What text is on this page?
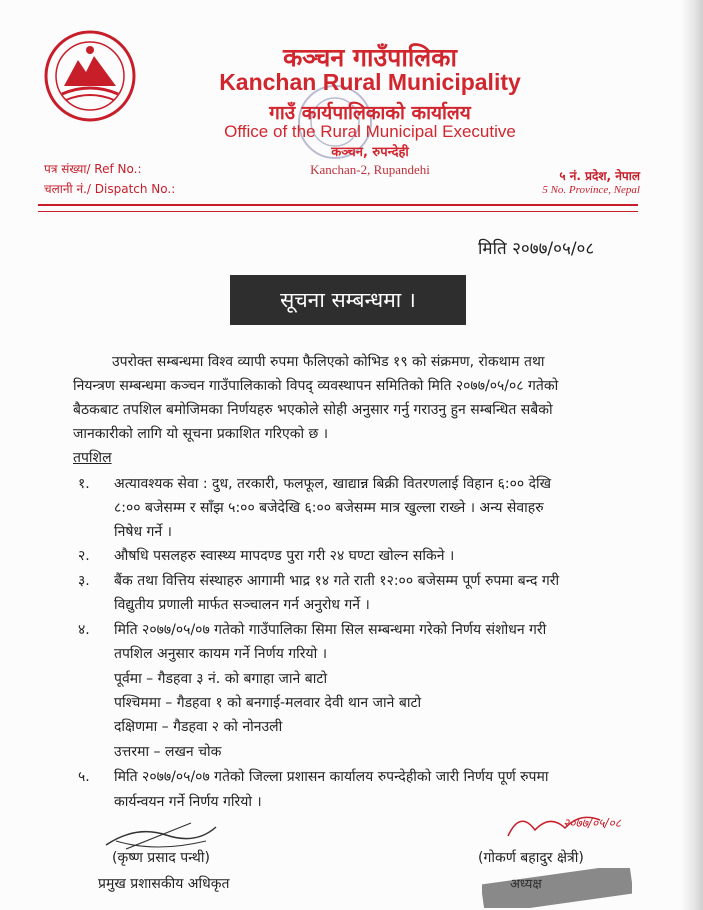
कञ्चन गाउँपालिका
Kanchan Rural Municipality
गाउँ कार्यपालिकाको कार्यालय
Office of the Rural Municipal Executive
कञ्चन, रुपन्देही
Kanchan-2, Rupandehi
पत्र संख्या/ Ref No.:
चलानी नं./ Dispatch No.:
५ नं. प्रदेश, नेपाल
5 No. Province, Nepal
मिति २०७७/०५/०८
सूचना सम्बन्धमा ।
उपरोक्त सम्बन्धमा विश्व व्यापी रुपमा फैलिएको कोभिड १९ को संक्रमण, रोकथाम तथा
नियन्त्रण सम्बन्धमा कञ्चन गाउँपालिकाको विपद् व्यवस्थापन समितिको मिति २०७७/०५/०८ गतेको
बैठकबाट तपशिल बमोजिमका निर्णयहरु भएकोले सोही अनुसार गर्नु गराउनु हुन सम्बन्धित सबैको
जानकारीको लागि यो सूचना प्रकाशित गरिएको छ ।
तपशिल
१. अत्यावश्यक सेवा : दुध, तरकारी, फलफूल, खाद्यान्न बिक्री वितरणलाई विहान ६:०० देखि
८:०० बजेसम्म र साँझ ५:०० बजेदेखि ६:०० बजेसम्म मात्र खुल्ला राख्ने । अन्य सेवाहरु
निषेध गर्ने ।
२. औषधि पसलहरु स्वास्थ्य मापदण्ड पुरा गरी २४ घण्टा खोल्न सकिने ।
३. बैंक तथा वित्तिय संस्थाहरु आगामी भाद्र १४ गते राती १२:०० बजेसम्म पूर्ण रुपमा बन्द गरी
विद्युतीय प्रणाली मार्फत सञ्चालन गर्न अनुरोध गर्ने ।
४. मिति २०७७/०५/०७ गतेको गाउँपालिका सिमा सिल सम्बन्धमा गरेको निर्णय संशोधन गरी
तपशिल अनुसार कायम गर्ने निर्णय गरियो ।
पूर्वमा – गैडहवा ३ नं. को बगाहा जाने बाटो
पश्चिममा – गैडहवा १ को बनगाई-मलवार देवी थान जाने बाटो
दक्षिणमा – गैडहवा २ को नोनउली
उत्तरमा – लखन चोक
५. मिति २०७७/०५/०७ गतेको जिल्ला प्रशासन कार्यालय रुपन्देहीको जारी निर्णय पूर्ण रुपमा
कार्यन्वयन गर्ने निर्णय गरियो ।
२०७७/०५/०८
(कृष्ण प्रसाद पन्थी)
प्रमुख प्रशासकीय अधिकृत
(गोकर्ण बहादुर क्षेत्री)
